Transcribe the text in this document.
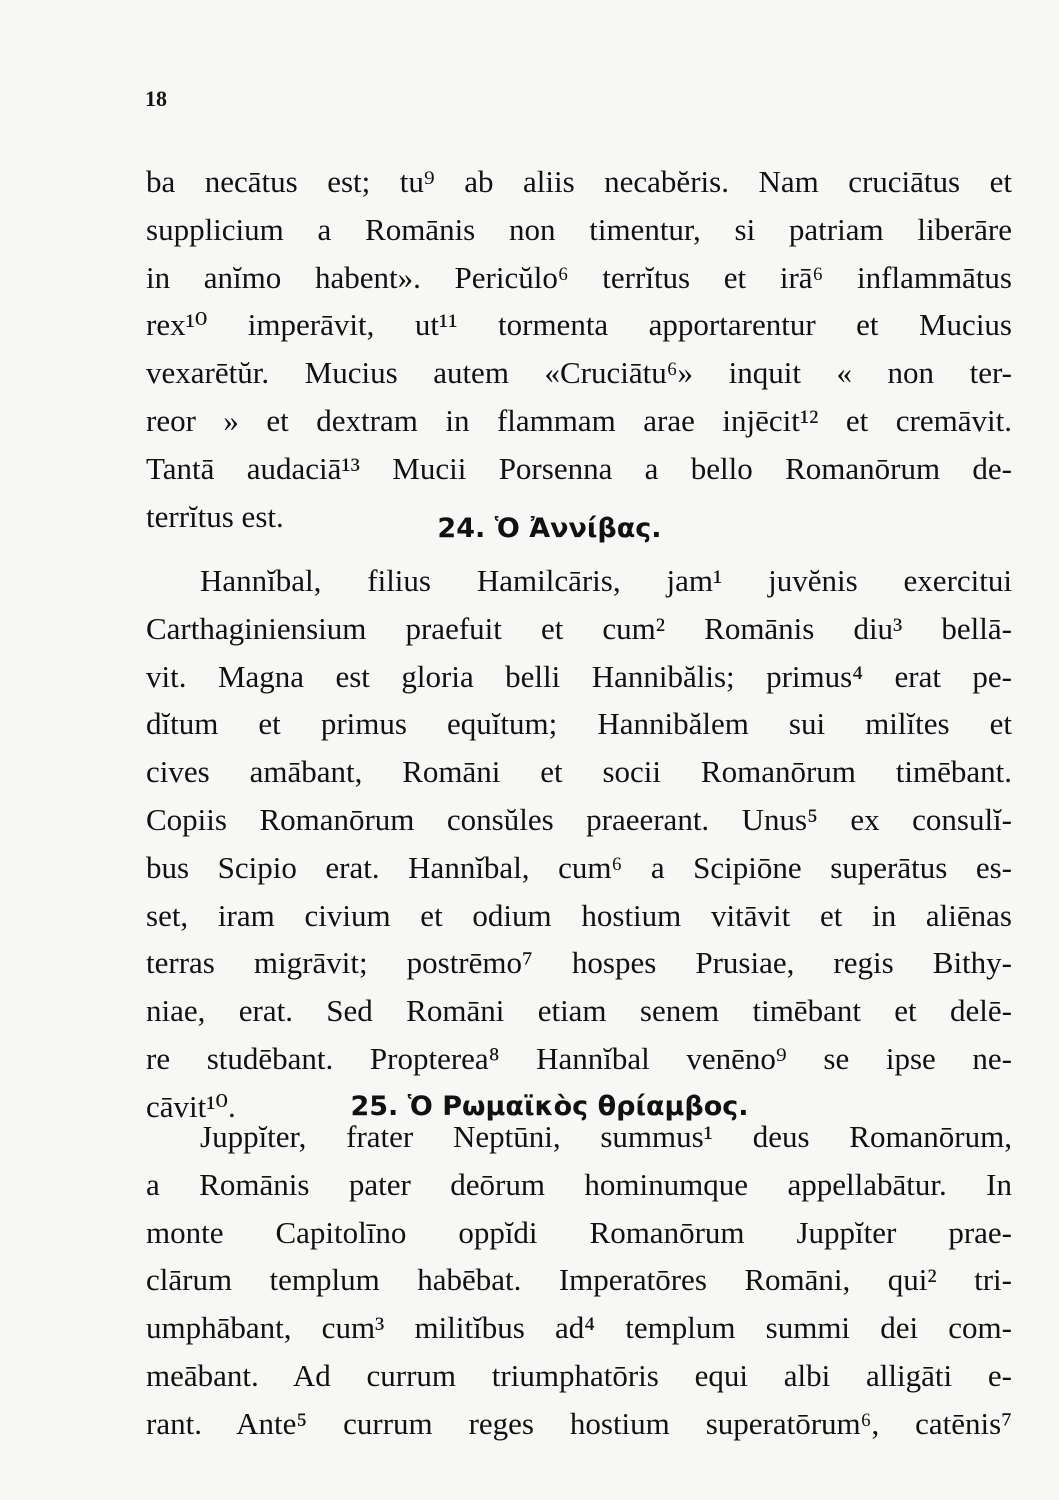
18
ba necātus est; tu⁹ ab aliis necabĕris. Nam cruciātus et
supplicium a Romānis non timentur, si patriam liberāre
in anĭmo habent». Pericŭlo⁶ terrĭtus et irā⁶ inflammātus
rex¹⁰ imperāvit, ut¹¹ tormenta apportarentur et Mucius
vexarētŭr. Mucius autem «Cruciātu⁶» inquit « non ter-
reor » et dextram in flammam arae injēcit¹² et cremāvit.
Tantā audaciā¹³ Mucii Porsenna a bello Romanōrum de-
terrĭtus est.	24. Ὁ Ἀννίβας.
Hannĭbal, filius Hamilcāris, jam¹ juvĕnis exercitui
Carthaginiensium praefuit et cum² Romānis diu³ bellā-
vit. Magna est gloria belli Hannibălis; primus⁴ erat pe-
dĭtum et primus equĭtum; Hannibălem sui milĭtes et
cives amābant, Romāni et socii Romanōrum timēbant.
Copiis Romanōrum consŭles praeerant. Unus⁵ ex consulĭ-
bus Scipio erat. Hannĭbal, cum⁶ a Scipiōne superātus es-
set, iram civium et odium hostium vitāvit et in aliēnas
terras migrāvit; postrēmo⁷ hospes Prusiae, regis Bithy-
niae, erat. Sed Romāni etiam senem timēbant et delē-
re studēbant. Propterea⁸ Hannĭbal venēno⁹ se ipse ne-
cāvit¹⁰.	25. Ὁ Ρωμαϊκὸς θρίαμβος.
Juppĭter, frater Neptūni, summus¹ deus Romanōrum,
a Romānis pater deōrum hominumque appellabātur. In
monte Capitolīno oppĭdi Romanōrum Juppĭter prae-
clārum templum habēbat. Imperatōres Romāni, qui² tri-
umphābant, cum³ militĭbus ad⁴ templum summi dei com-
meābant. Ad currum triumphatōris equi albi alligāti e-
rant. Ante⁵ currum reges hostium superatōrum⁶, catēnis⁷
